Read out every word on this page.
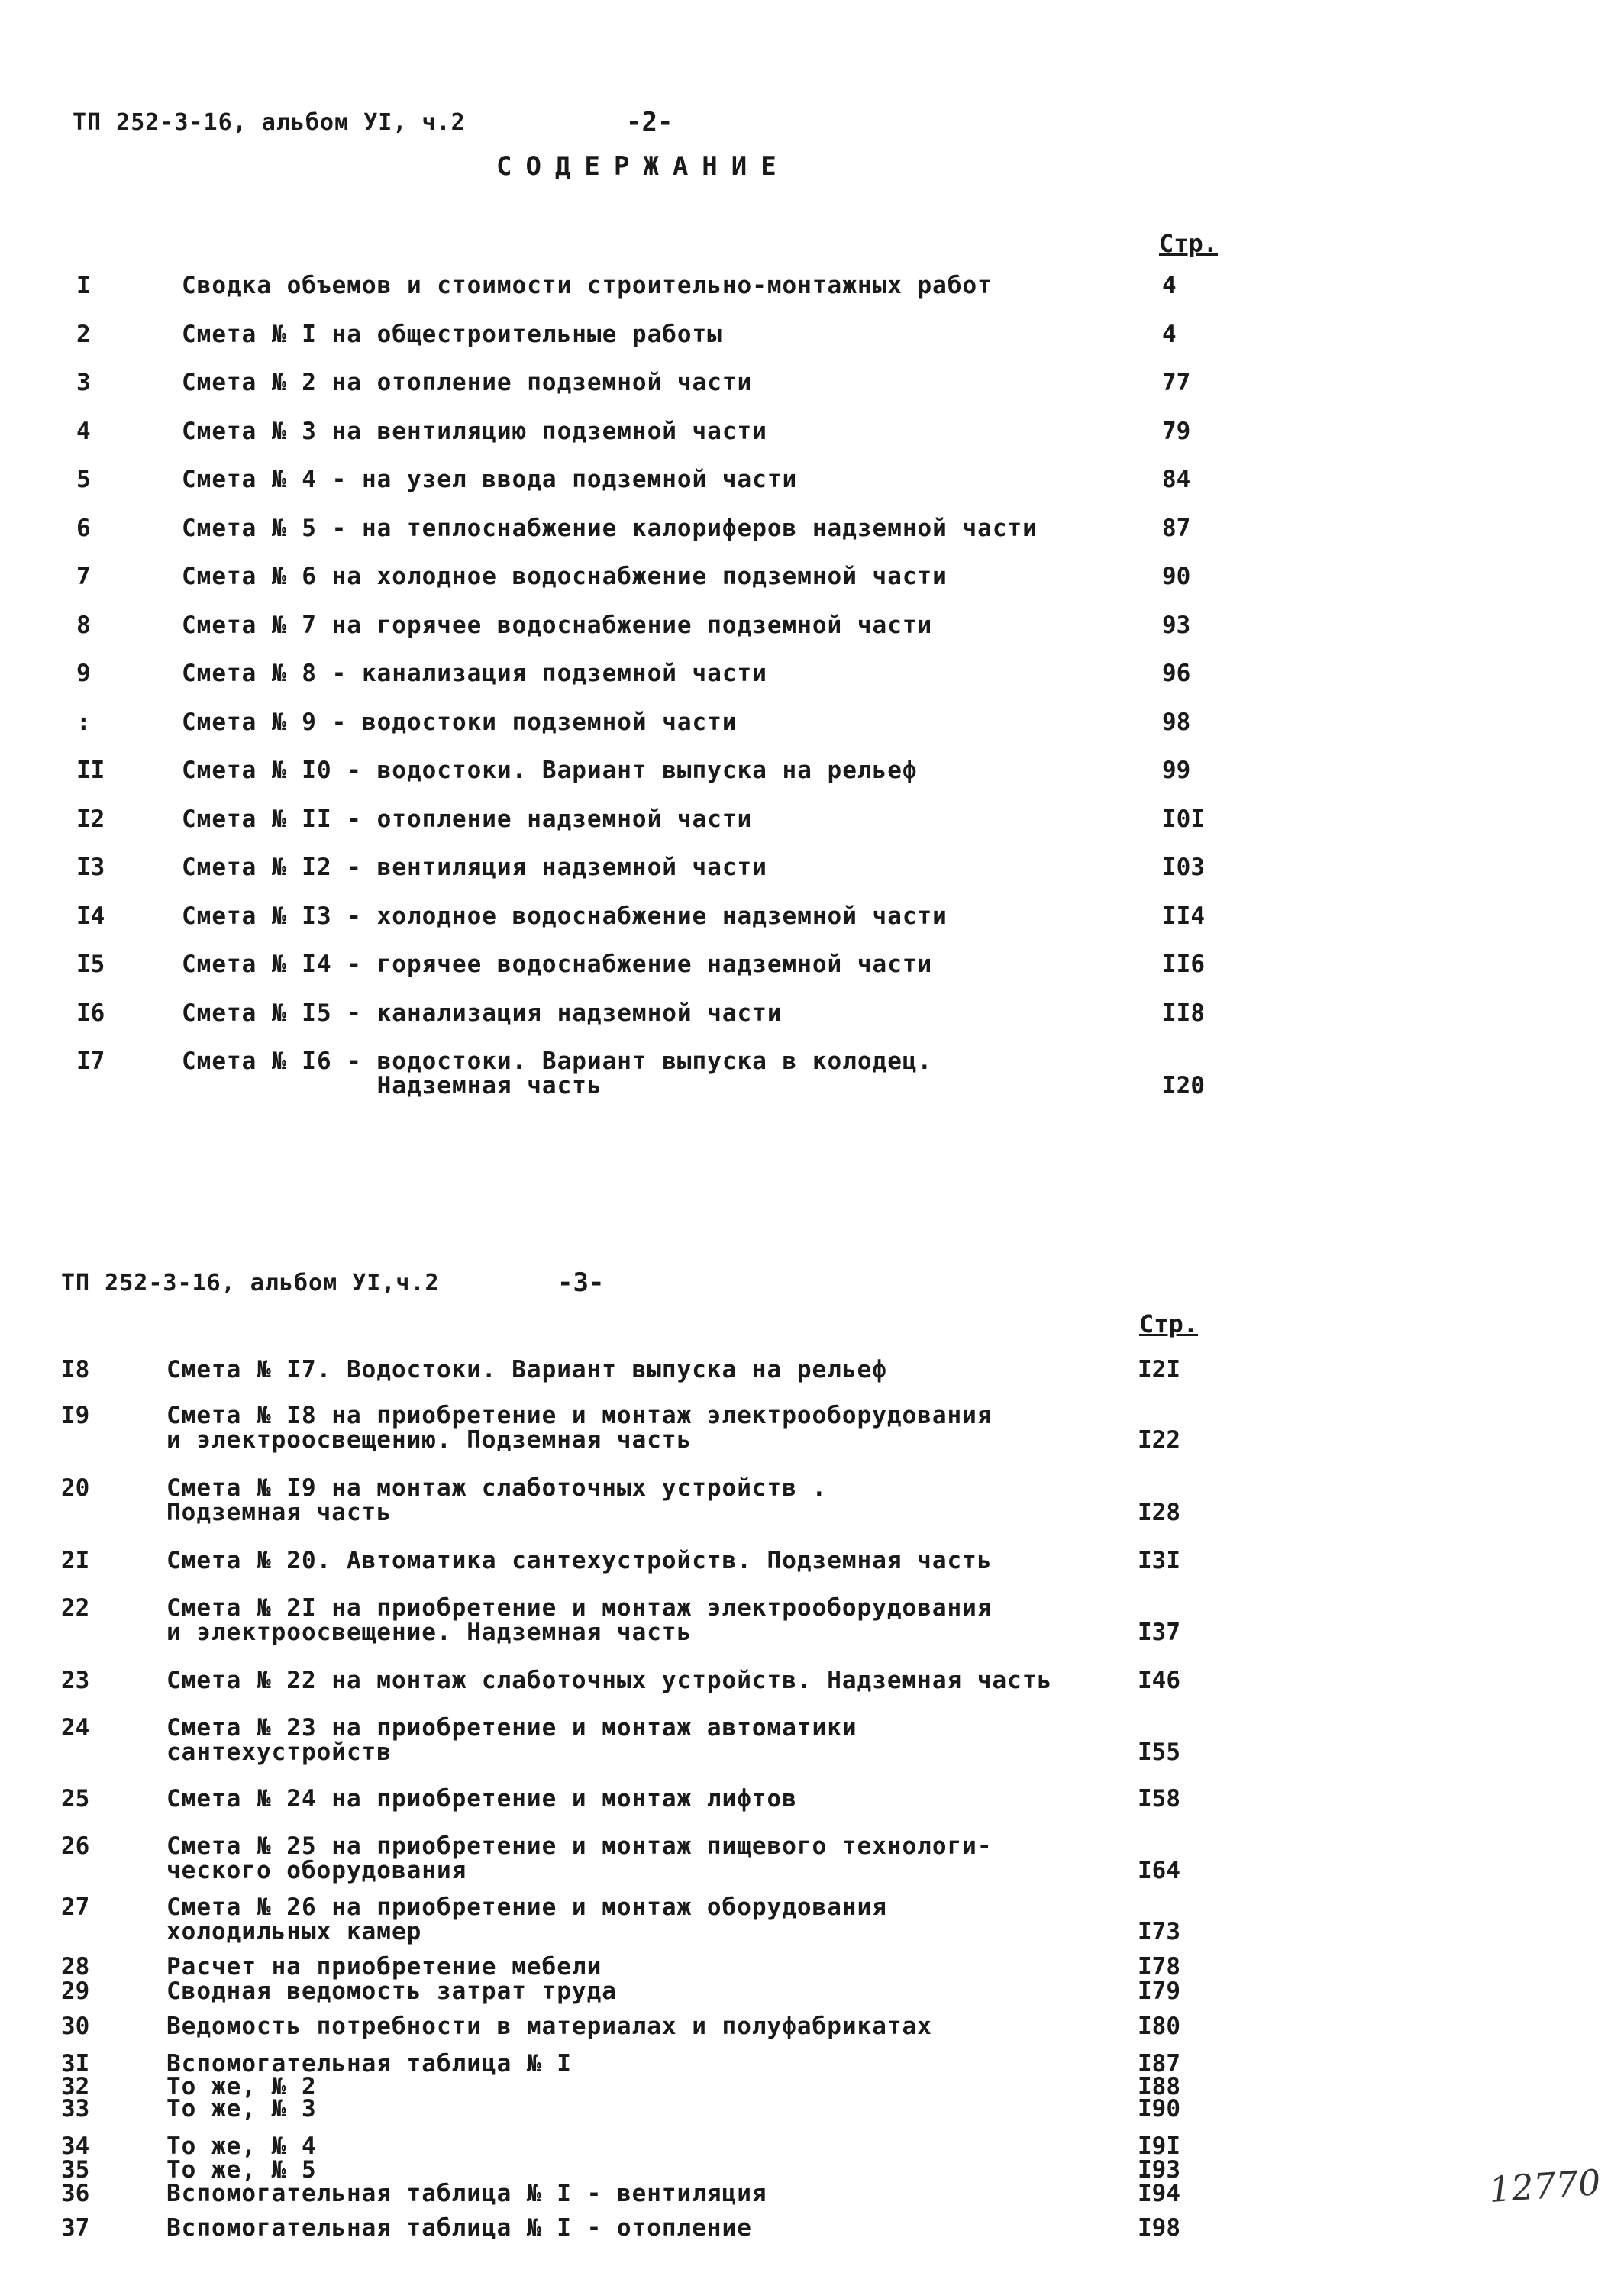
ТП 252-3-16, альбом УI, ч.2	-2-
СОДЕРЖАНИЕ
Стр.
I	Сводка объемов и стоимости строительно-монтажных работ	4
2	Смета № I на общестроительные работы	4
3	Смета № 2 на отопление подземной части	77
4	Смета № 3 на вентиляцию подземной части	79
5	Смета № 4 - на узел ввода подземной части	84
6	Смета № 5 - на теплоснабжение калориферов надземной части	87
7	Смета № 6 на холодное водоснабжение подземной части	90
8	Смета № 7 на горячее водоснабжение подземной части	93
9	Смета № 8 - канализация подземной части	96
:	Смета № 9 - водостоки подземной части	98
II	Смета № I0 - водостоки. Вариант выпуска на рельеф	99
I2	Смета № II - отопление надземной части	I0I
I3	Смета № I2 - вентиляция надземной части	I03
I4	Смета № I3 - холодное водоснабжение надземной части	II4
I5	Смета № I4 - горячее водоснабжение надземной части	II6
I6	Смета № I5 - канализация надземной части	II8
I7	Смета № I6 - водостоки. Вариант выпуска в колодец.
Надземная часть	I20
ТП 252-3-16, альбом УI,ч.2	-3-
Стр.
I8	Смета № I7. Водостоки. Вариант выпуска на рельеф	I2I
I9	Смета № I8 на приобретение и монтаж электрооборудования
и электроосвещению. Подземная часть	I22
20	Смета № I9 на монтаж слаботочных устройств .
Подземная часть	I28
2I	Смета № 20. Автоматика сантехустройств. Подземная часть	I3I
22	Смета № 2I на приобретение и монтаж электрооборудования
и электроосвещение. Надземная часть	I37
23	Смета № 22 на монтаж слаботочных устройств. Надземная часть	I46
24	Смета № 23 на приобретение и монтаж автоматики
сантехустройств	I55
25	Смета № 24 на приобретение и монтаж лифтов	I58
26	Смета № 25 на приобретение и монтаж пищевого технологи-
ческого оборудования	I64
27	Смета № 26 на приобретение и монтаж оборудования
холодильных камер	I73
28	Расчет на приобретение мебели	I78
29	Сводная ведомость затрат труда	I79
30	Ведомость потребности в материалах и полуфабрикатах	I80
3I	Вспомогательная таблица № I	I87
32	То же, № 2	I88
33	То же, № 3	I90
34	То же, № 4	I9I
35	То же, № 5	I93
36	Вспомогательная таблица № I - вентиляция	I94
37	Вспомогательная таблица № I - отопление	I98
12770
